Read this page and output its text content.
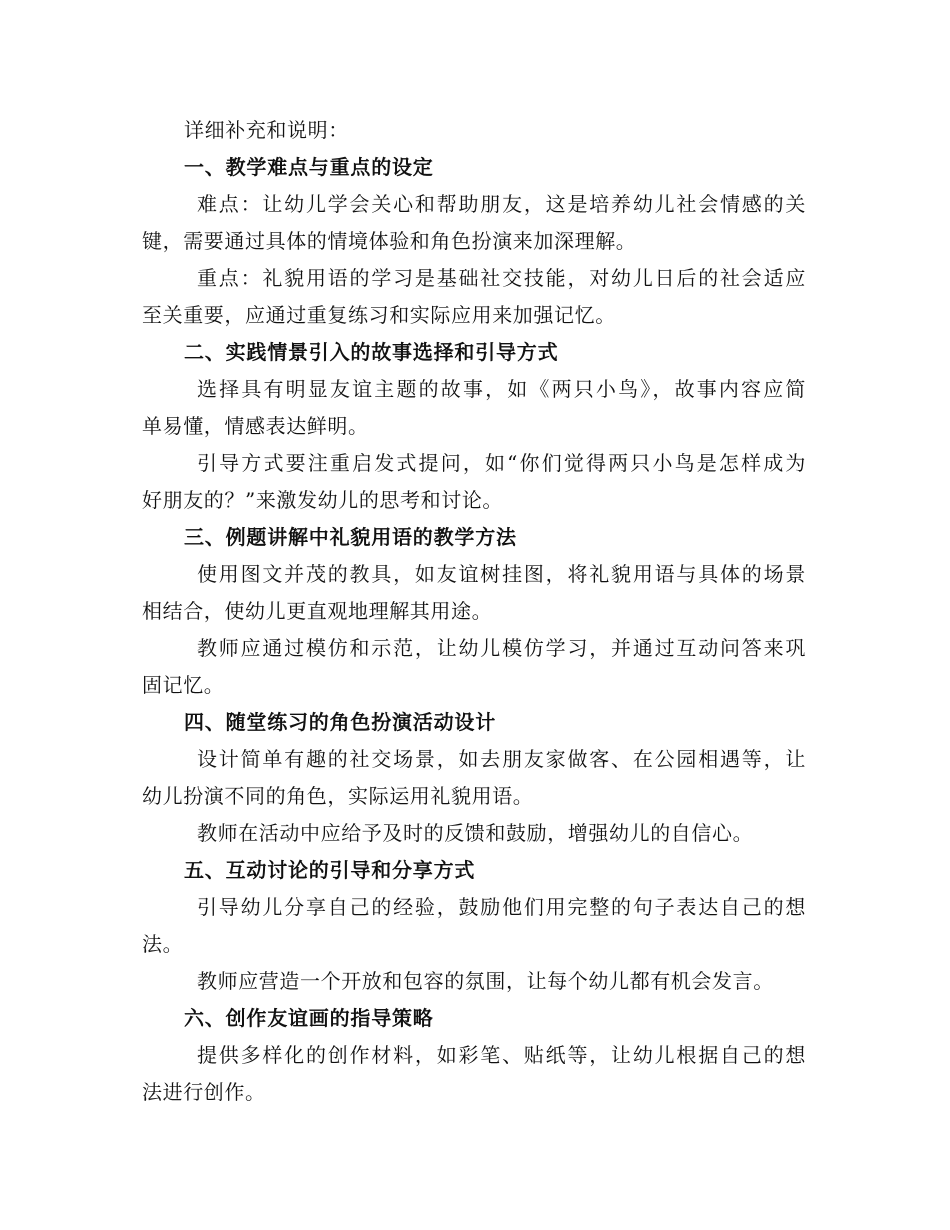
详细补充和说明：

一、教学难点与重点的设定

难点：让幼儿学会关心和帮助朋友，这是培养幼儿社会情感的关

键，需要通过具体的情境体验和角色扮演来加深理解。

重点：礼貌用语的学习是基础社交技能，对幼儿日后的社会适应

至关重要，应通过重复练习和实际应用来加强记忆。

二、实践情景引入的故事选择和引导方式

选择具有明显友谊主题的故事，如《两只小鸟》，故事内容应简

单易懂，情感表达鲜明。

引导方式要注重启发式提问，如“你们觉得两只小鸟是怎样成为

好朋友的？”来激发幼儿的思考和讨论。

三、例题讲解中礼貌用语的教学方法

使用图文并茂的教具，如友谊树挂图，将礼貌用语与具体的场景

相结合，使幼儿更直观地理解其用途。

教师应通过模仿和示范，让幼儿模仿学习，并通过互动问答来巩

固记忆。

四、随堂练习的角色扮演活动设计

设计简单有趣的社交场景，如去朋友家做客、在公园相遇等，让

幼儿扮演不同的角色，实际运用礼貌用语。

教师在活动中应给予及时的反馈和鼓励，增强幼儿的自信心。

五、互动讨论的引导和分享方式

引导幼儿分享自己的经验，鼓励他们用完整的句子表达自己的想

法。

教师应营造一个开放和包容的氛围，让每个幼儿都有机会发言。

六、创作友谊画的指导策略

提供多样化的创作材料，如彩笔、贴纸等，让幼儿根据自己的想

法进行创作。
